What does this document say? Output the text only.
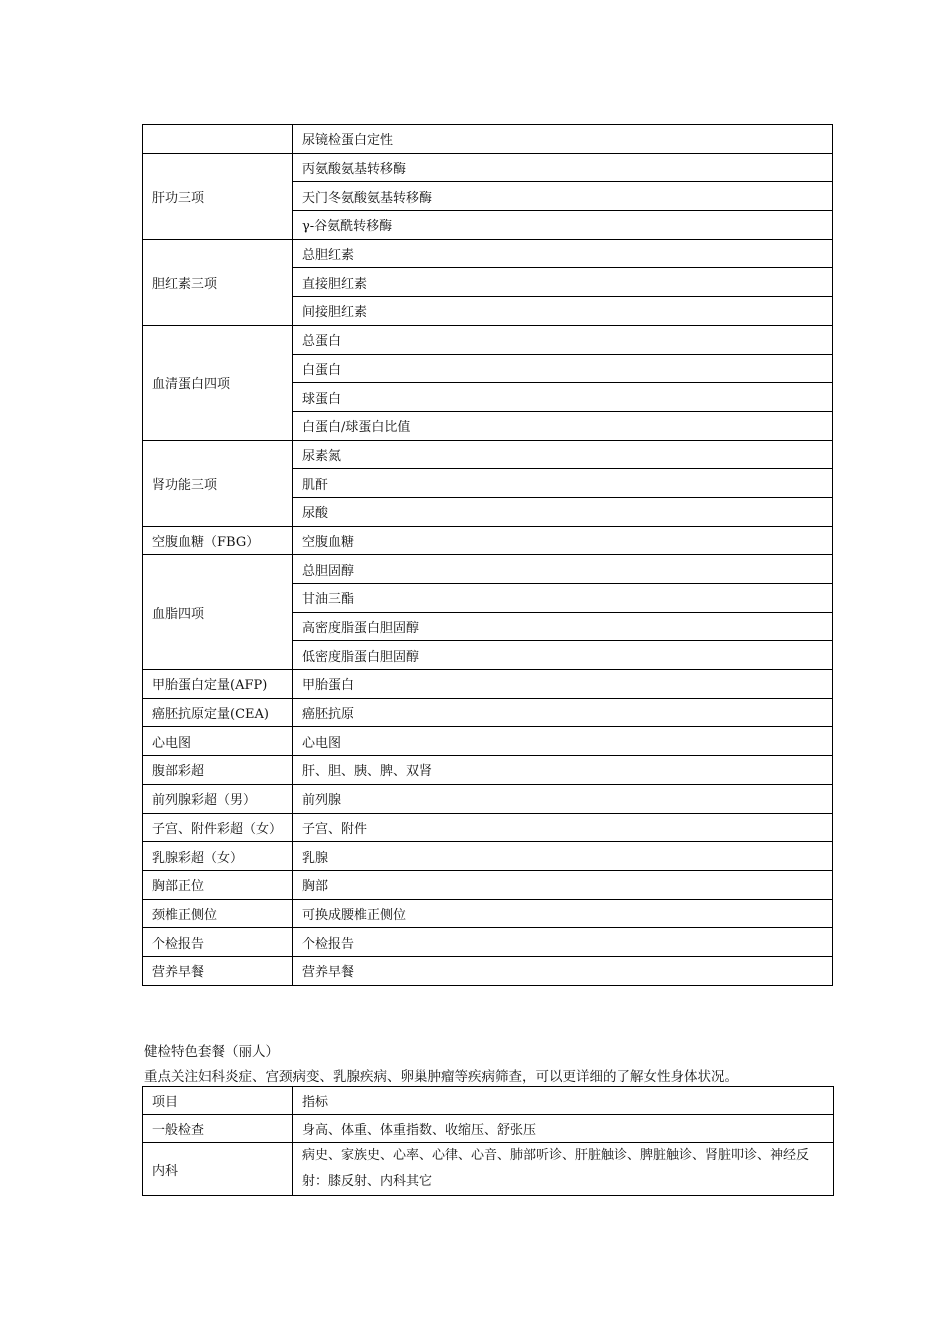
	尿镜检蛋白定性
肝功三项	丙氨酸氨基转移酶
	天门冬氨酸氨基转移酶
	γ-谷氨酰转移酶
胆红素三项	总胆红素
	直接胆红素
	间接胆红素
血清蛋白四项	总蛋白
	白蛋白
	球蛋白
	白蛋白/球蛋白比值
肾功能三项	尿素氮
	肌酐
	尿酸
空腹血糖（FBG）	空腹血糖
血脂四项	总胆固醇
	甘油三酯
	高密度脂蛋白胆固醇
	低密度脂蛋白胆固醇
甲胎蛋白定量(AFP)	甲胎蛋白
癌胚抗原定量(CEA)	癌胚抗原
心电图	心电图
腹部彩超	肝、胆、胰、脾、双肾
前列腺彩超（男）	前列腺
子宫、附件彩超（女）	子宫、附件
乳腺彩超（女）	乳腺
胸部正位	胸部
颈椎正侧位	可换成腰椎正侧位
个检报告	个检报告
营养早餐	营养早餐
健检特色套餐（丽人）
重点关注妇科炎症、宫颈病变、乳腺疾病、卵巢肿瘤等疾病筛查，可以更详细的了解女性身体状况。
项目	指标
一般检查	身高、体重、体重指数、收缩压、舒张压
内科	病史、家族史、心率、心律、心音、肺部听诊、肝脏触诊、脾脏触诊、肾脏叩诊、神经反射：膝反射、内科其它
